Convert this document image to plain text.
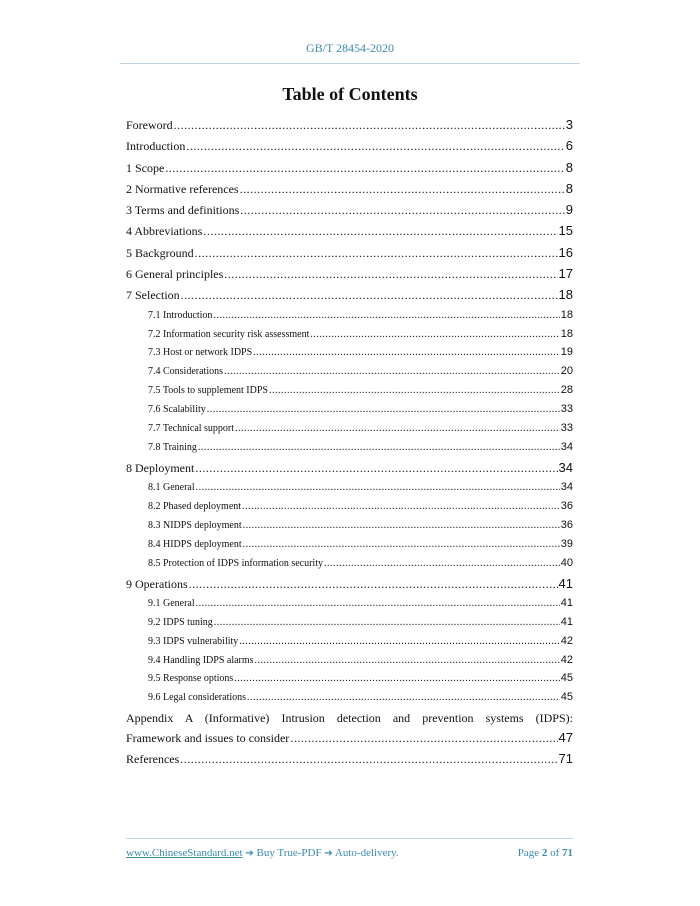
GB/T 28454-2020
Table of Contents
Foreword .....	3
Introduction .....	6
1 Scope .....	8
2 Normative references .....	8
3 Terms and definitions .....	9
4 Abbreviations .....	15
5 Background .....	16
6 General principles .....	17
7 Selection .....	18
7.1 Introduction .....	18
7.2 Information security risk assessment .....	18
7.3 Host or network IDPS .....	19
7.4 Considerations .....	20
7.5 Tools to supplement IDPS .....	28
7.6 Scalability .....	33
7.7 Technical support .....	33
7.8 Training .....	34
8 Deployment .....	34
8.1 General .....	34
8.2 Phased deployment .....	36
8.3 NIDPS deployment .....	36
8.4 HIDPS deployment .....	39
8.5 Protection of IDPS information security .....	40
9 Operations .....	41
9.1 General .....	41
9.2 IDPS tuning .....	41
9.3 IDPS vulnerability .....	42
9.4 Handling IDPS alarms .....	42
9.5 Response options .....	45
9.6 Legal considerations .....	45
Appendix A (Informative) Intrusion detection and prevention systems (IDPS):
Framework and issues to consider .....	47
References .....	71
www.ChineseStandard.net ➔ Buy True-PDF ➔ Auto-delivery.	Page 2 of 71
